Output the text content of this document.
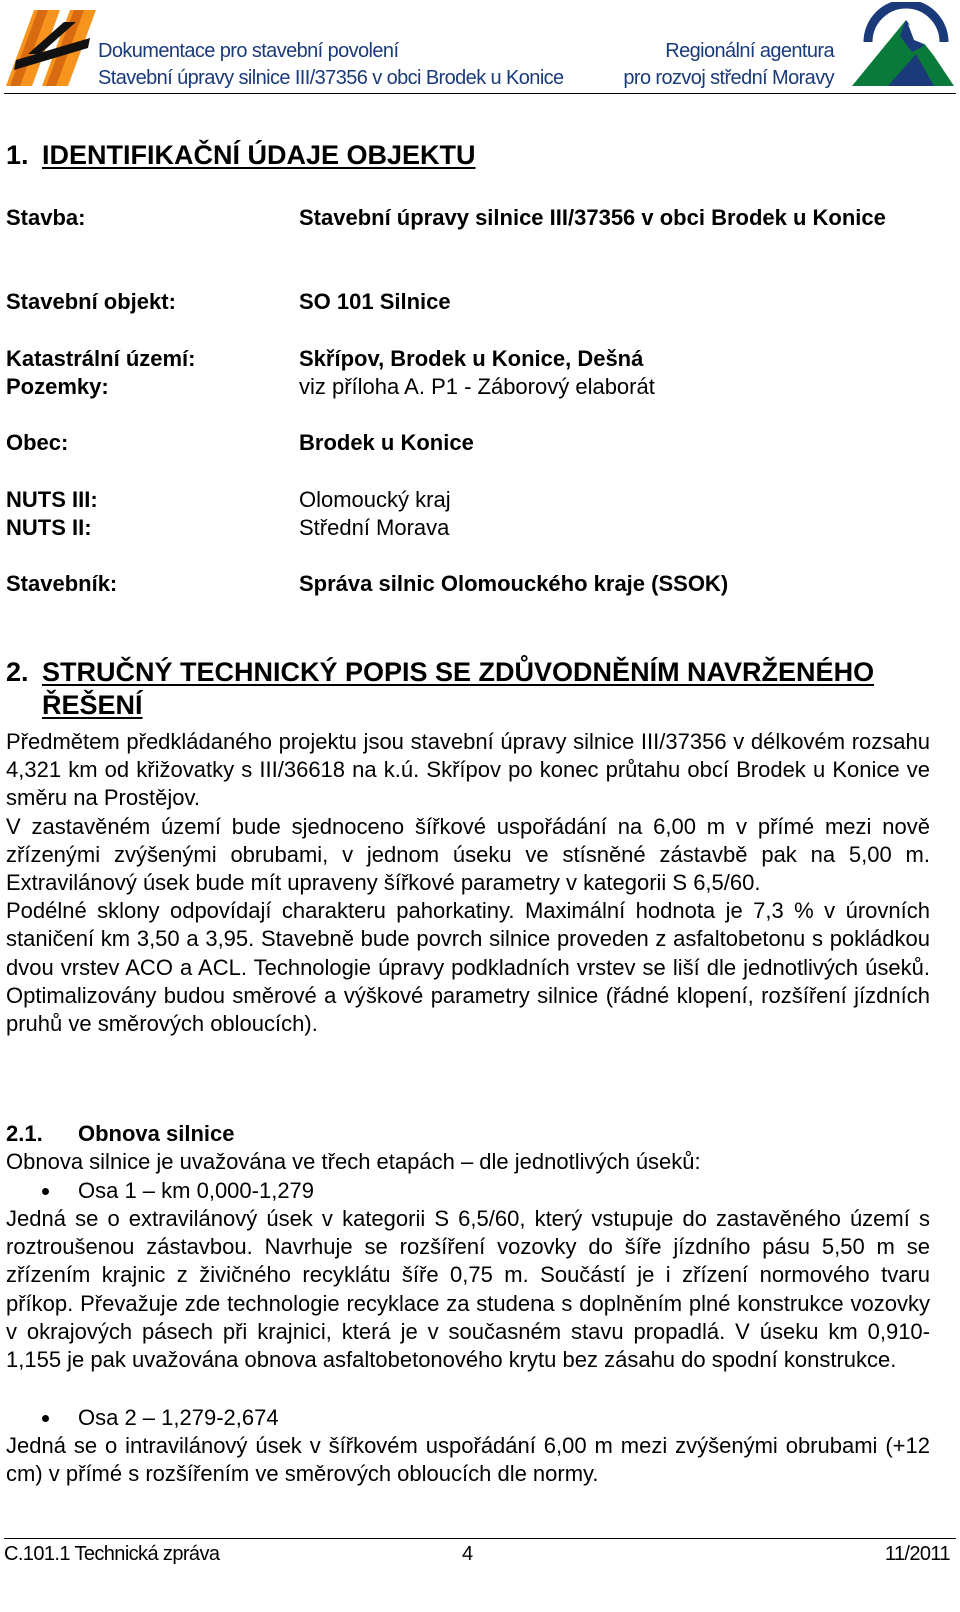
Dokumentace pro stavební povolení
Stavební úpravy silnice III/37356 v obci Brodek u Konice
Regionální agentura
pro rozvoj střední Moravy
1. IDENTIFIKAČNÍ ÚDAJE OBJEKTU
Stavba:	Stavební úpravy silnice III/37356 v obci Brodek u Konice
Stavební objekt:	SO 101 Silnice
Katastrální území:	Skřípov, Brodek u Konice, Dešná
Pozemky:	viz příloha A. P1 - Záborový elaborát
Obec:	Brodek u Konice
NUTS III:	Olomoucký kraj
NUTS II:	Střední Morava
Stavebník:	Správa silnic Olomouckého kraje (SSOK)
2. STRUČNÝ TECHNICKÝ POPIS SE ZDŮVODNĚNÍM NAVRŽENÉHO
ŘEŠENÍ
Předmětem předkládaného projektu jsou stavební úpravy silnice III/37356 v délkovém rozsahu 4,321 km od křižovatky s III/36618 na k.ú. Skřípov po konec průtahu obcí Brodek u Konice ve směru na Prostějov.
V zastavěném území bude sjednoceno šířkové uspořádání na 6,00 m v přímé mezi nově zřízenými zvýšenými obrubami, v jednom úseku ve stísněné zástavbě pak na 5,00 m. Extravilánový úsek bude mít upraveny šířkové parametry v kategorii S 6,5/60.
Podélné sklony odpovídají charakteru pahorkatiny. Maximální hodnota je 7,3 % v úrovních staničení km 3,50 a 3,95. Stavebně bude povrch silnice proveden z asfaltobetonu s pokládkou dvou vrstev ACO a ACL. Technologie úpravy podkladních vrstev se liší dle jednotlivých úseků. Optimalizovány budou směrové a výškové parametry silnice (řádné klopení, rozšíření jízdních pruhů ve směrových obloucích).
2.1. Obnova silnice
Obnova silnice je uvažována ve třech etapách – dle jednotlivých úseků:
Osa 1 – km 0,000-1,279
Jedná se o extravilánový úsek v kategorii S 6,5/60, který vstupuje do zastavěného území s roztroušenou zástavbou. Navrhuje se rozšíření vozovky do šíře jízdního pásu 5,50 m se zřízením krajnic z živičného recyklátu šíře 0,75 m. Součástí je i zřízení normového tvaru příkop. Převažuje zde technologie recyklace za studena s doplněním plné konstrukce vozovky v okrajových pásech při krajnici, která je v současném stavu propadlá. V úseku km 0,910-1,155 je pak uvažována obnova asfaltobetonového krytu bez zásahu do spodní konstrukce.
Osa 2 – 1,279-2,674
Jedná se o intravilánový úsek v šířkovém uspořádání 6,00 m mezi zvýšenými obrubami (+12 cm) v přímé s rozšířením ve směrových obloucích dle normy.
C.101.1 Technická zpráva	4	11/2011
